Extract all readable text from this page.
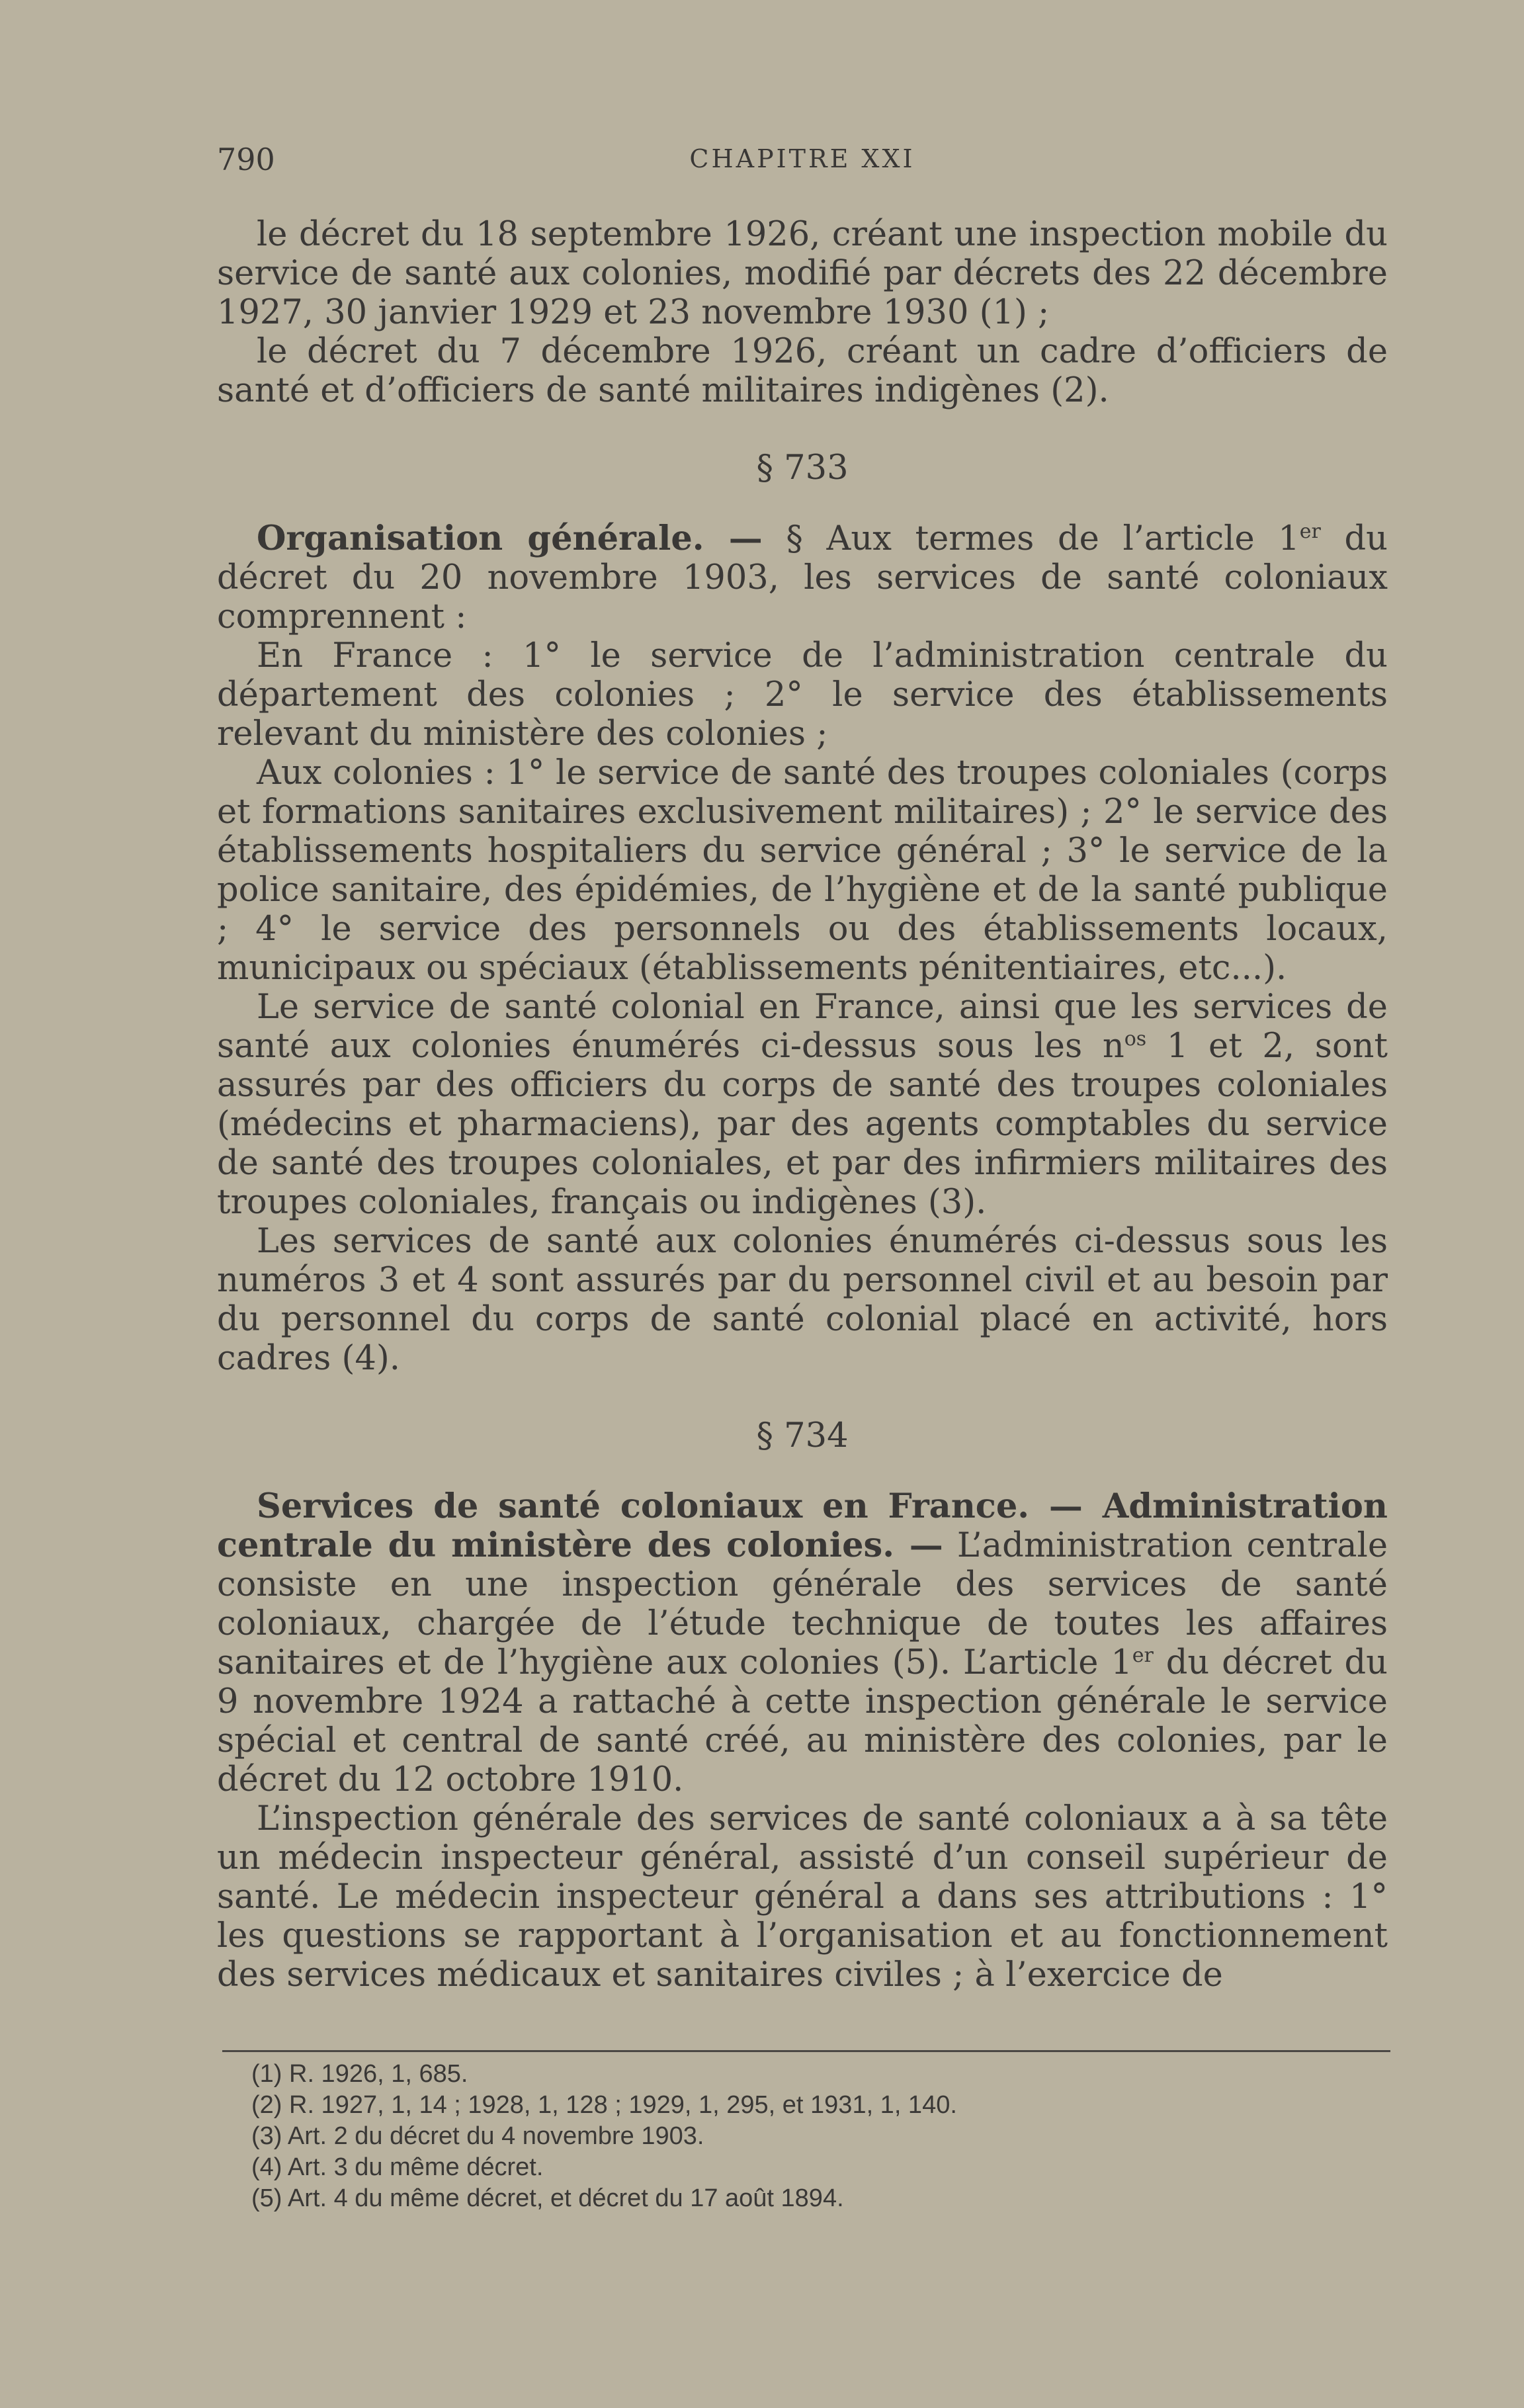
790	CHAPITRE XXI

le décret du 18 septembre 1926, créant une inspection mobile du service de santé aux colonies, modifié par décrets des 22 décembre 1927, 30 janvier 1929 et 23 novembre 1930 (1) ;

le décret du 7 décembre 1926, créant un cadre d’officiers de santé et d’officiers de santé militaires indigènes (2).

§ 733

Organisation générale. — § Aux termes de l’article 1er du décret du 20 novembre 1903, les services de santé coloniaux comprennent :

En France : 1° le service de l’administration centrale du département des colonies ; 2° le service des établissements relevant du ministère des colonies ;

Aux colonies : 1° le service de santé des troupes coloniales (corps et formations sanitaires exclusivement militaires) ; 2° le service des établissements hospitaliers du service général ; 3° le service de la police sanitaire, des épidémies, de l’hygiène et de la santé publique ; 4° le service des personnels ou des établissements locaux, municipaux ou spéciaux (établissements pénitentiaires, etc...).

Le service de santé colonial en France, ainsi que les services de santé aux colonies énumérés ci-dessus sous les $n^{os}$ 1 et 2, sont assurés par des officiers du corps de santé des troupes coloniales (médecins et pharmaciens), par des agents comptables du service de santé des troupes coloniales, et par des infirmiers militaires des troupes coloniales, français ou indigènes (3).

Les services de santé aux colonies énumérés ci-dessus sous les numéros 3 et 4 sont assurés par du personnel civil et au besoin par du personnel du corps de santé colonial placé en activité, hors cadres (4).

§ 734

Services de santé coloniaux en France. — Administration centrale du ministère des colonies. — L’administration centrale consiste en une inspection générale des services de santé coloniaux, chargée de l’étude technique de toutes les affaires sanitaires et de l’hygiène aux colonies (5). L’article 1er du décret du 9 novembre 1924 a rattaché à cette inspection générale le service spécial et central de santé créé, au ministère des colonies, par le décret du 12 octobre 1910.

L’inspection générale des services de santé coloniaux a à sa tête un médecin inspecteur général, assisté d’un conseil supérieur de santé. Le médecin inspecteur général a dans ses attributions : 1° les questions se rapportant à l’organisation et au fonctionnement des services médicaux et sanitaires civiles ; à l’exercice de

(1) R. 1926, 1, 685.
(2) R. 1927, 1, 14 ; 1928, 1, 128 ; 1929, 1, 295, et 1931, 1, 140.
(3) Art. 2 du décret du 4 novembre 1903.
(4) Art. 3 du même décret.
(5) Art. 4 du même décret, et décret du 17 août 1894.
